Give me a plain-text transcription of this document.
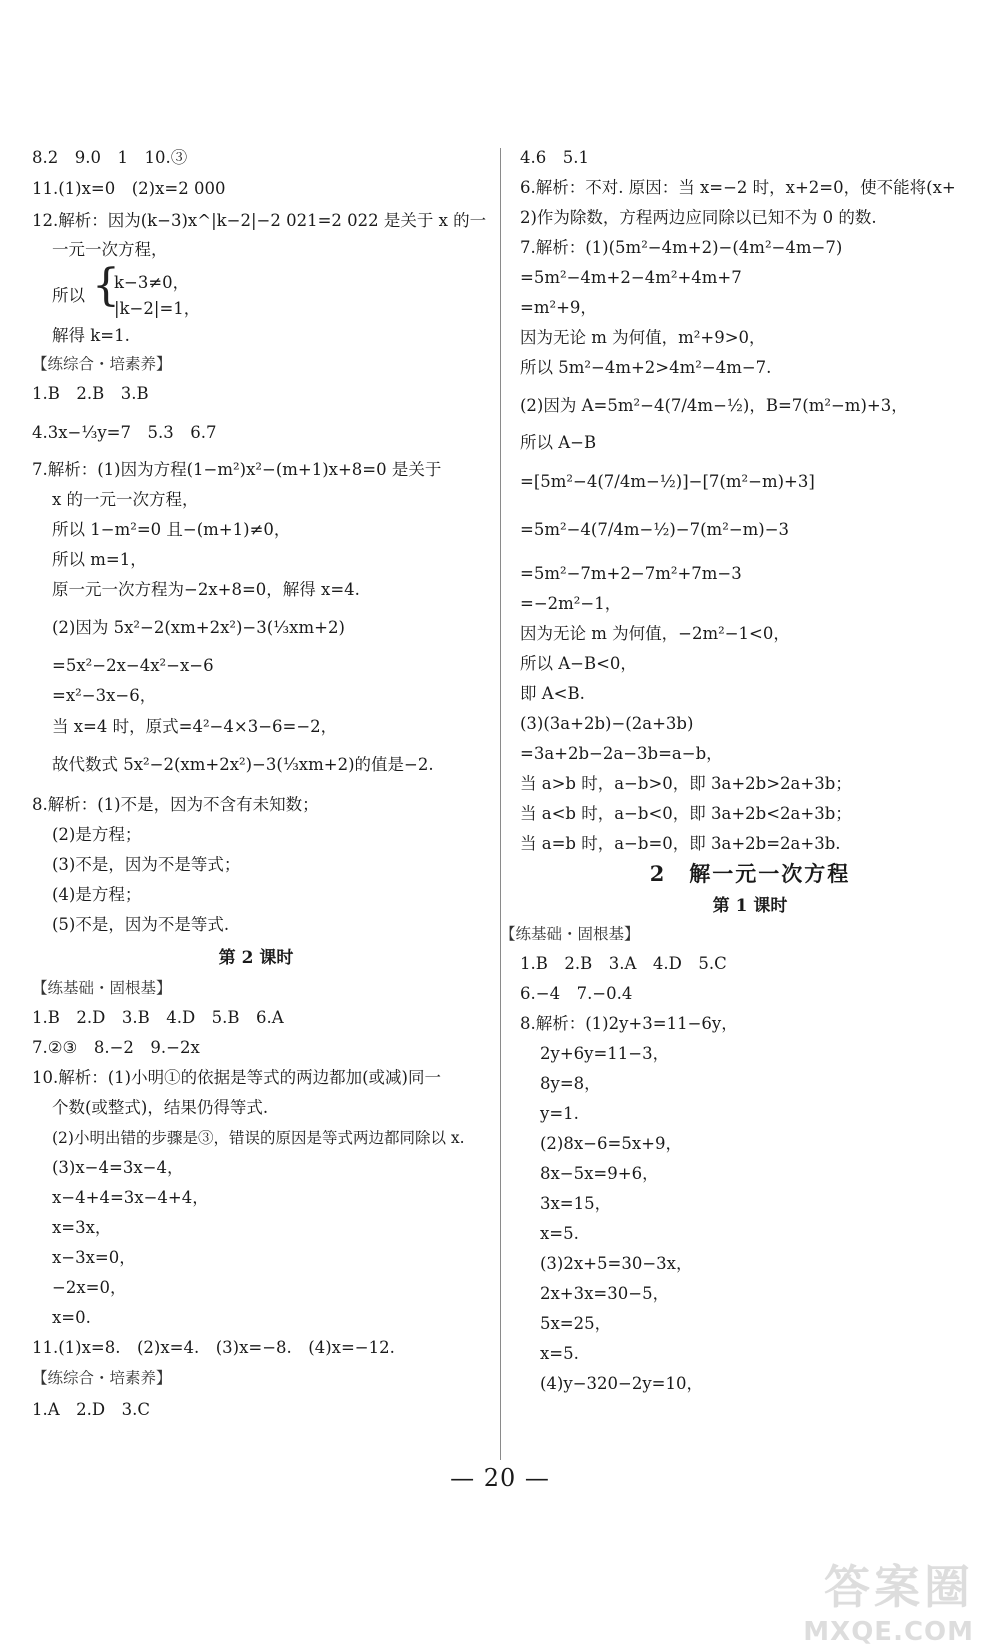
8.2　9.0　1　10.③
11.(1)x=0　(2)x=2 000
12.解析：因为(k−3)x^|k−2|−2 021=2 022 是关于 x 的一
一元一次方程，
{
k−3≠0，
|k−2|=1，
所以
解得 k=1.
【练综合・培素养】
1.B　2.B　3.B
4.3x−⅓y=7　5.3　6.7
7.解析：(1)因为方程(1−m²)x²−(m+1)x+8=0 是关于
x 的一元一次方程，
所以 1−m²=0 且−(m+1)≠0，
所以 m=1，
原一元一次方程为−2x+8=0，解得 x=4.
(2)因为 5x²−2(xm+2x²)−3(⅓xm+2)
=5x²−2x−4x²−x−6
=x²−3x−6，
当 x=4 时，原式=4²−4×3−6=−2，
故代数式 5x²−2(xm+2x²)−3(⅓xm+2)的值是−2.
8.解析：(1)不是，因为不含有未知数；
(2)是方程；
(3)不是，因为不是等式；
(4)是方程；
(5)不是，因为不是等式.
第 2 课时
【练基础・固根基】
1.B　2.D　3.B　4.D　5.B　6.A
7.②③　8.−2　9.−2x
10.解析：(1)小明①的依据是等式的两边都加(或减)同一
个数(或整式)，结果仍得等式.
(2)小明出错的步骤是③，错误的原因是等式两边都同除以 x.
(3)x−4=3x−4，
x−4+4=3x−4+4，
x=3x，
x−3x=0，
−2x=0，
x=0.
11.(1)x=8.　(2)x=4.　(3)x=−8.　(4)x=−12.
【练综合・培素养】
1.A　2.D　3.C
4.6　5.1
6.解析：不对. 原因：当 x=−2 时，x+2=0，使不能将(x+
2)作为除数，方程两边应同除以已知不为 0 的数.
7.解析：(1)(5m²−4m+2)−(4m²−4m−7)
=5m²−4m+2−4m²+4m+7
=m²+9，
因为无论 m 为何值，m²+9>0，
所以 5m²−4m+2>4m²−4m−7.
(2)因为 A=5m²−4(7/4m−½)，B=7(m²−m)+3，
所以 A−B
=[5m²−4(7/4m−½)]−[7(m²−m)+3]
=5m²−4(7/4m−½)−7(m²−m)−3
=5m²−7m+2−7m²+7m−3
=−2m²−1，
因为无论 m 为何值，−2m²−1<0，
所以 A−B<0，
即 A<B.
(3)(3a+2b)−(2a+3b)
=3a+2b−2a−3b=a−b，
当 a>b 时，a−b>0，即 3a+2b>2a+3b；
当 a<b 时，a−b<0，即 3a+2b<2a+3b；
当 a=b 时，a−b=0，即 3a+2b=2a+3b.
2　解一元一次方程
第 1 课时
【练基础・固根基】
1.B　2.B　3.A　4.D　5.C
6.−4　7.−0.4
8.解析：(1)2y+3=11−6y，
2y+6y=11−3，
8y=8，
y=1.
(2)8x−6=5x+9，
8x−5x=9+6，
3x=15，
x=5.
(3)2x+5=30−3x，
2x+3x=30−5，
5x=25，
x=5.
(4)y−320−2y=10，
— 20 —
答案圈
MXQE.COM
